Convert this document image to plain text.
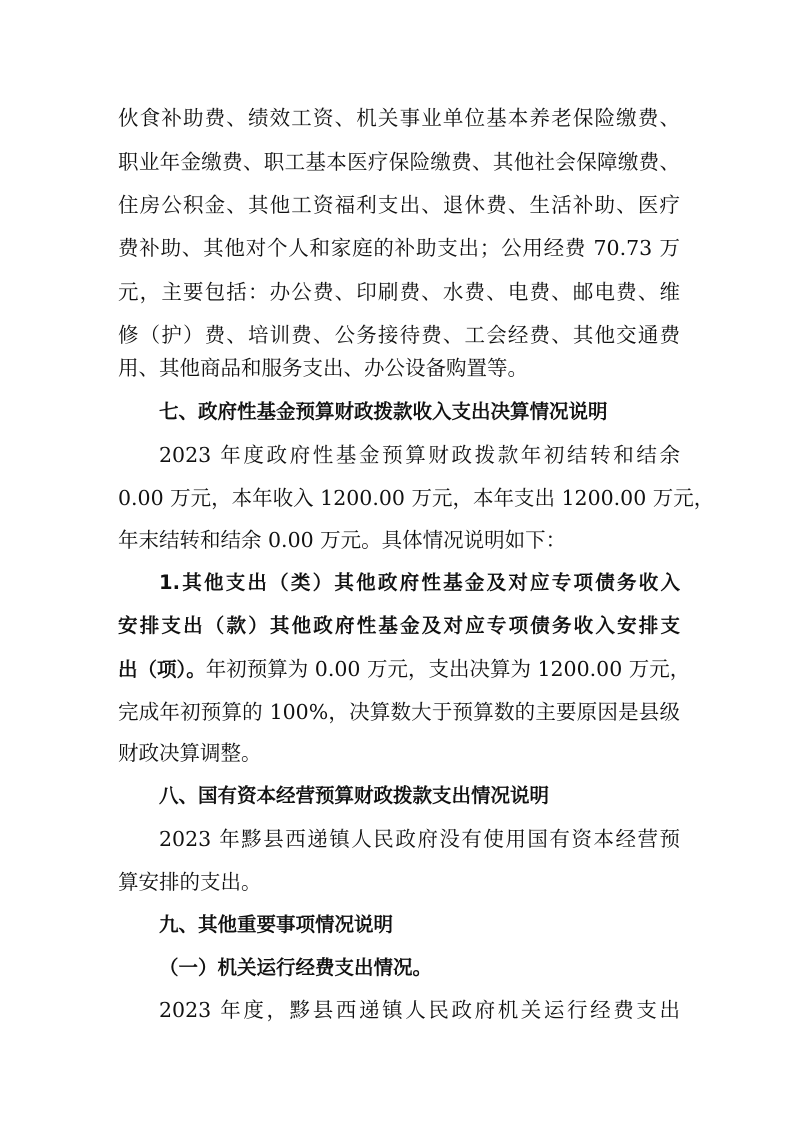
伙食补助费、绩效工资、机关事业单位基本养老保险缴费、
职业年金缴费、职工基本医疗保险缴费、其他社会保障缴费、
住房公积金、其他工资福利支出、退休费、生活补助、医疗
费补助、其他对个人和家庭的补助支出；公用经费 70.73 万
元，主要包括：办公费、印刷费、水费、电费、邮电费、维
修（护）费、培训费、公务接待费、工会经费、其他交通费
用、其他商品和服务支出、办公设备购置等。
七、政府性基金预算财政拨款收入支出决算情况说明
2023 年度政府性基金预算财政拨款年初结转和结余
0.00 万元，本年收入 1200.00 万元，本年支出 1200.00 万元，
年末结转和结余 0.00 万元。具体情况说明如下：
1.其他支出（类）其他政府性基金及对应专项债务收入
安排支出（款）其他政府性基金及对应专项债务收入安排支
出（项）。年初预算为 0.00 万元，支出决算为 1200.00 万元，
完成年初预算的 100%，决算数大于预算数的主要原因是县级
财政决算调整。
八、国有资本经营预算财政拨款支出情况说明
2023 年黟县西递镇人民政府没有使用国有资本经营预
算安排的支出。
九、其他重要事项情况说明
（一）机关运行经费支出情况。
2023 年度，黟县西递镇人民政府机关运行经费支出
